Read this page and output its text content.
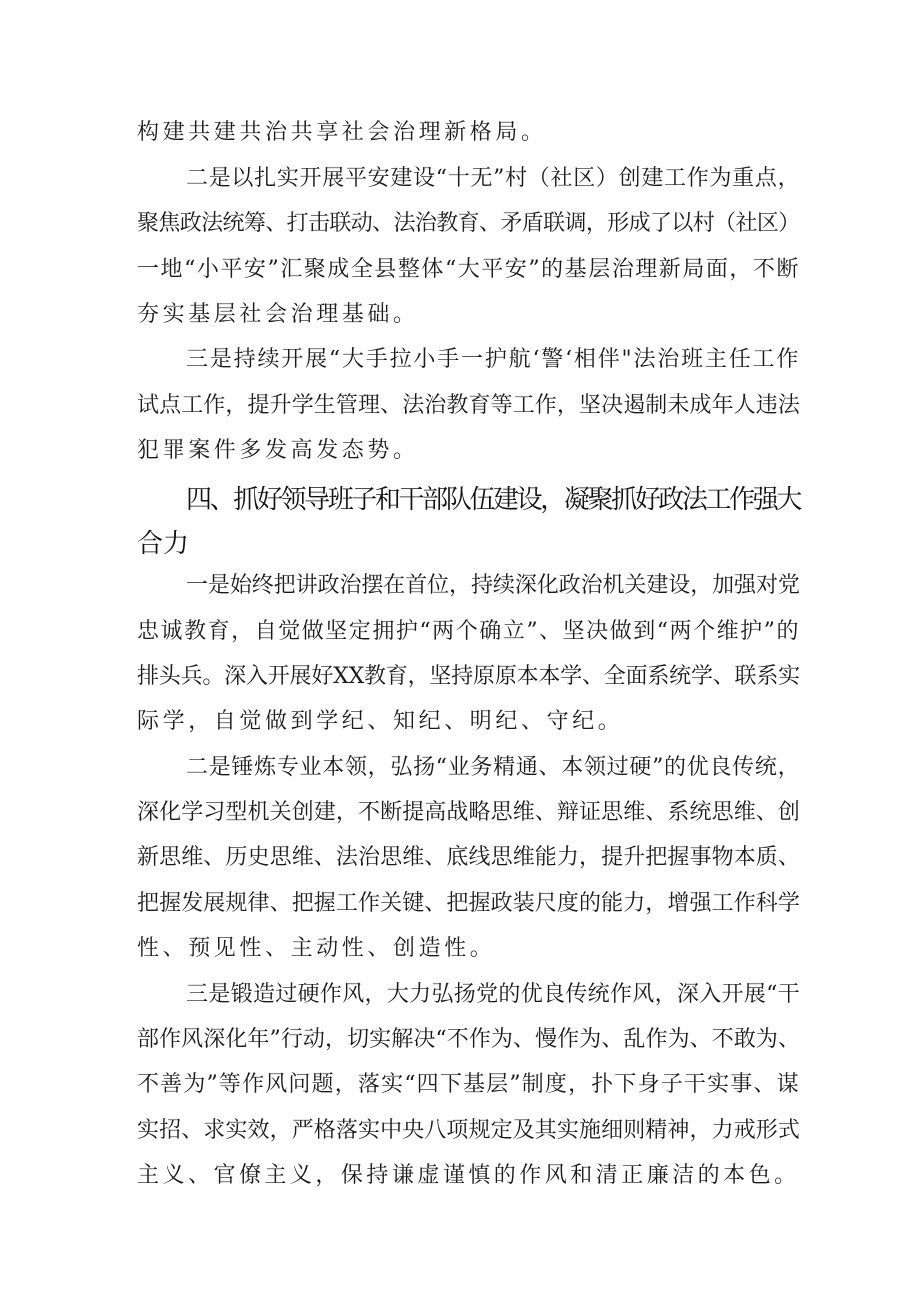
构建共建共治共享社会治理新格局。
二是以扎实开展平安建设“十无”村（社区）创建工作为重点，
聚焦政法统筹、打击联动、法治教育、矛盾联调，形成了以村（社区）
一地“小平安”汇聚成全县整体“大平安”的基层治理新局面，不断
夯实基层社会治理基础。
三是持续开展“大手拉小手一护航‘警‘相伴"法治班主任工作
试点工作，提升学生管理、法治教育等工作，坚决遏制未成年人违法
犯罪案件多发高发态势。
四、抓好领导班子和干部队伍建设，凝聚抓好政法工作强大
合力
一是始终把讲政治摆在首位，持续深化政治机关建设，加强对党
忠诚教育，自觉做坚定拥护“两个确立”、坚决做到“两个维护”的
排头兵。深入开展好XX教育，坚持原原本本学、全面系统学、联系实
际学，自觉做到学纪、知纪、明纪、守纪。
二是锤炼专业本领，弘扬“业务精通、本领过硬”的优良传统，
深化学习型机关创建，不断提高战略思维、辩证思维、系统思维、创
新思维、历史思维、法治思维、底线思维能力，提升把握事物本质、
把握发展规律、把握工作关键、把握政装尺度的能力，增强工作科学
性、预见性、主动性、创造性。
三是锻造过硬作风，大力弘扬党的优良传统作风，深入开展“干
部作风深化年”行动，切实解决“不作为、慢作为、乱作为、不敢为、
不善为”等作风问题，落实“四下基层”制度，扑下身子干实事、谋
实招、求实效，严格落实中央八项规定及其实施细则精神，力戒形式
主义、官僚主义，保持谦虚谨慎的作风和清正廉洁的本色。
